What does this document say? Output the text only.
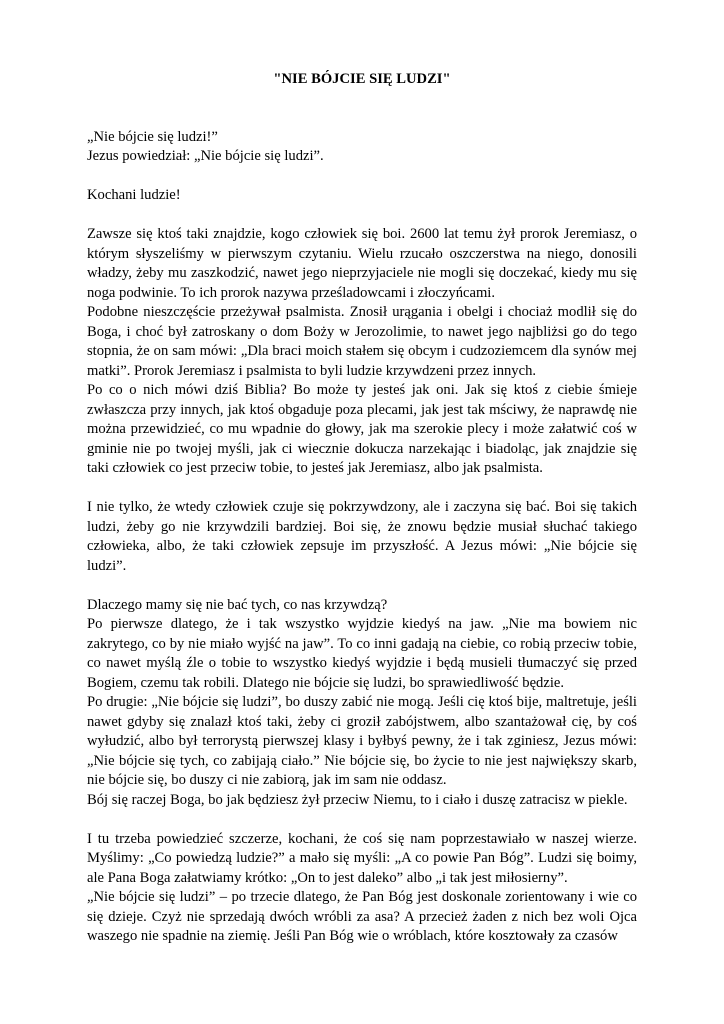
"NIE BÓJCIE SIĘ LUDZI"

„Nie bójcie się ludzi!”

Jezus powiedział: „Nie bójcie się ludzi”.

Kochani ludzie!

Zawsze się ktoś taki znajdzie, kogo człowiek się boi. 2600 lat temu żył prorok Jeremiasz, o którym słyszeliśmy w pierwszym czytaniu. Wielu rzucało oszczerstwa na niego, donosili władzy, żeby mu zaszkodzić, nawet jego nieprzyjaciele nie mogli się doczekać, kiedy mu się noga podwinie. To ich prorok nazywa prześladowcami i złoczyńcami.

Podobne nieszczęście przeżywał psalmista. Znosił urągania i obelgi i chociaż modlił się do Boga, i choć był zatroskany o dom Boży w Jerozolimie, to nawet jego najbliżsi go do tego stopnia, że on sam mówi: „Dla braci moich stałem się obcym i cudzoziemcem dla synów mej matki”. Prorok Jeremiasz i psalmista to byli ludzie krzywdzeni przez innych.

Po co o nich mówi dziś Biblia? Bo może ty jesteś jak oni. Jak się ktoś z ciebie śmieje zwłaszcza przy innych, jak ktoś obgaduje poza plecami, jak jest tak mściwy, że naprawdę nie można przewidzieć, co mu wpadnie do głowy, jak ma szerokie plecy i może załatwić coś w gminie nie po twojej myśli, jak ci wiecznie dokucza narzekając i biadoląc, jak znajdzie się taki człowiek co jest przeciw tobie, to jesteś jak Jeremiasz, albo jak psalmista.

I nie tylko, że wtedy człowiek czuje się pokrzywdzony, ale i zaczyna się bać. Boi się takich ludzi, żeby go nie krzywdzili bardziej. Boi się, że znowu będzie musiał słuchać takiego człowieka, albo, że taki człowiek zepsuje im przyszłość. A Jezus mówi: „Nie bójcie się ludzi”.

Dlaczego mamy się nie bać tych, co nas krzywdzą?

Po pierwsze dlatego, że i tak wszystko wyjdzie kiedyś na jaw. „Nie ma bowiem nic zakrytego, co by nie miało wyjść na jaw”. To co inni gadają na ciebie, co robią przeciw tobie, co nawet myślą źle o tobie to wszystko kiedyś wyjdzie i będą musieli tłumaczyć się przed Bogiem, czemu tak robili. Dlatego nie bójcie się ludzi, bo sprawiedliwość będzie.

Po drugie: „Nie bójcie się ludzi”, bo duszy zabić nie mogą. Jeśli cię ktoś bije, maltretuje, jeśli nawet gdyby się znalazł ktoś taki, żeby ci groził zabójstwem, albo szantażował cię, by coś wyłudzić, albo był terrorystą pierwszej klasy i byłbyś pewny, że i tak zginiesz, Jezus mówi: „Nie bójcie się tych, co zabijają ciało.” Nie bójcie się, bo życie to nie jest największy skarb, nie bójcie się, bo duszy ci nie zabiorą, jak im sam nie oddasz.

Bój się raczej Boga, bo jak będziesz żył przeciw Niemu, to i ciało i duszę zatracisz w piekle.

I tu trzeba powiedzieć szczerze, kochani, że coś się nam poprzestawiało w naszej wierze. Myślimy: „Co powiedzą ludzie?” a mało się myśli: „A co powie Pan Bóg”. Ludzi się boimy, ale Pana Boga załatwiamy krótko: „On to jest daleko” albo „i tak jest miłosierny”.

„Nie bójcie się ludzi” – po trzecie dlatego, że Pan Bóg jest doskonale zorientowany i wie co się dzieje. Czyż nie sprzedają dwóch wróbli za asa? A przecież żaden z nich bez woli Ojca waszego nie spadnie na ziemię. Jeśli Pan Bóg wie o wróblach, które kosztowały za czasów
